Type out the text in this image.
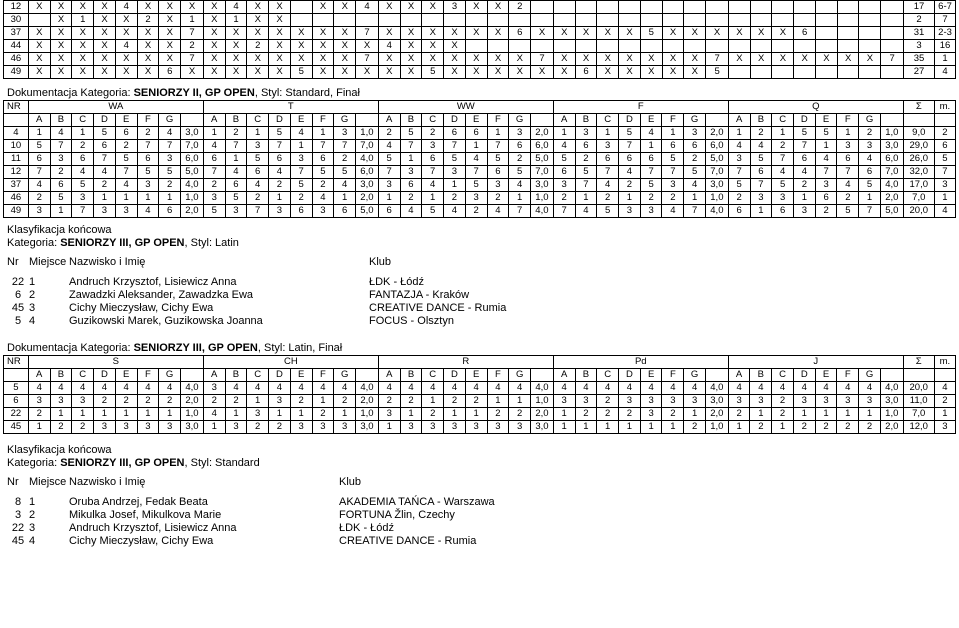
12	X	X	X	X	4	X	X	X	X	4	X	X		X	X	4	X	X	X	3	X	X	2																		17	6-7
30		X	1	X	X	2	X	1	X	1	X	X																													2	7
37	X	X	X	X	X	X	X	7	X	X	X	X	X	X	X	7	X	X	X	X	X	X	6	X	X	X	X	X	5	X	X	X	X	X	X	6					31	2-3
44	X	X	X	X	4	X	X	2	X	X	2	X	X	X	X	X	4	X	X	X																					3	16
46	X	X	X	X	X	X	X	7	X	X	X	X	X	X	X	7	X	X	X	X	X	X	X	7	X	X	X	X	X	X	X	7	X	X	X	X	X	X	X	7	35	1
49	X	X	X	X	X	X	6	X	X	X	X	X	5	X	X	X	X	X	5	X	X	X	X	X	X	6	X	X	X	X	X	5									27	4
Dokumentacja Kategoria: SENIORZY II, GP OPEN, Styl: Standard, Finał
NR	WA								T								WW								F								Q								Σ	m.
	A	B	C	D	E	F	G		A	B	C	D	E	F	G		A	B	C	D	E	F	G		A	B	C	D	E	F	G		A	B	C	D	E	F	G			
4	1	4	1	5	6	2	4	3,0	1	2	1	5	4	1	3	1,0	2	5	2	6	6	1	3	2,0	1	3	1	5	4	1	3	2,0	1	2	1	5	5	1	2	1,0	9,0	2
10	5	7	2	6	2	7	7	7,0	4	7	3	7	1	7	7	7,0	4	7	3	7	1	7	6	6,0	4	6	3	7	1	6	6	6,0	4	4	2	7	1	3	3	3,0	29,0	6
11	6	3	6	7	5	6	3	6,0	6	1	5	6	3	6	2	4,0	5	1	6	5	4	5	2	5,0	5	2	6	6	6	5	2	5,0	3	5	7	6	4	6	4	6,0	26,0	5
12	7	2	4	4	7	5	5	5,0	7	4	6	4	7	5	5	6,0	7	3	7	3	7	6	5	7,0	6	5	7	4	7	7	5	7,0	7	6	4	4	7	7	6	7,0	32,0	7
37	4	6	5	2	4	3	2	4,0	2	6	4	2	5	2	4	3,0	3	6	4	1	5	3	4	3,0	3	7	4	2	5	3	4	3,0	5	7	5	2	3	4	5	4,0	17,0	3
46	2	5	3	1	1	1	1	1,0	3	5	2	1	2	4	1	2,0	1	2	1	2	3	2	1	1,0	2	1	2	1	2	2	1	1,0	2	3	3	1	6	2	1	2,0	7,0	1
49	3	1	7	3	3	4	6	2,0	5	3	7	3	6	3	6	5,0	6	4	5	4	2	4	7	4,0	7	4	5	3	3	4	7	4,0	6	1	6	3	2	5	7	5,0	20,0	4
Klasyfikacja końcowa
Kategoria: SENIORZY III, GP OPEN, Styl: Latin
Nr	Miejsce	Nazwisko i Imię	Klub

22	1	Andruch Krzysztof, Lisiewicz Anna	ŁDK - Łódź
6	2	Zawadzki Aleksander, Zawadzka Ewa	FANTAZJA - Kraków
45	3	Cichy Mieczysław, Cichy Ewa	CREATIVE DANCE - Rumia
5	4	Guzikowski Marek, Guzikowska Joanna	FOCUS - Olsztyn
Dokumentacja Kategoria: SENIORZY III, GP OPEN, Styl: Latin, Finał
NR	S								CH								R								Pd								J								Σ	m.
	A	B	C	D	E	F	G		A	B	C	D	E	F	G		A	B	C	D	E	F	G		A	B	C	D	E	F	G		A	B	C	D	E	F	G			
5	4	4	4	4	4	4	4	4,0	3	4	4	4	4	4	4	4,0	4	4	4	4	4	4	4	4,0	4	4	4	4	4	4	4	4,0	4	4	4	4	4	4	4	4,0	20,0	4
6	3	3	3	2	2	2	2	2,0	2	2	1	3	2	1	2	2,0	2	2	1	2	2	1	1	1,0	3	3	2	3	3	3	3	3,0	3	3	2	3	3	3	3	3,0	11,0	2
22	2	1	1	1	1	1	1	1,0	4	1	3	1	1	2	1	1,0	3	1	2	1	1	2	2	2,0	1	2	2	2	3	2	1	2,0	2	1	2	1	1	1	1	1,0	7,0	1
45	1	2	2	3	3	3	3	3,0	1	3	2	2	3	3	3	3,0	1	3	3	3	3	3	3	3,0	1	1	1	1	1	1	2	1,0	1	2	1	2	2	2	2	2,0	12,0	3
Klasyfikacja końcowa
Kategoria: SENIORZY III, GP OPEN, Styl: Standard
Nr	Miejsce	Nazwisko i Imię	Klub

8	1	Oruba Andrzej, Fedak Beata	AKADEMIA TAŃCA - Warszawa
3	2	Mikulka Josef, Mikulkova Marie	FORTUNA Žlin, Czechy
22	3	Andruch Krzysztof, Lisiewicz Anna	ŁDK - Łódź
45	4	Cichy Mieczysław, Cichy Ewa	CREATIVE DANCE - Rumia
